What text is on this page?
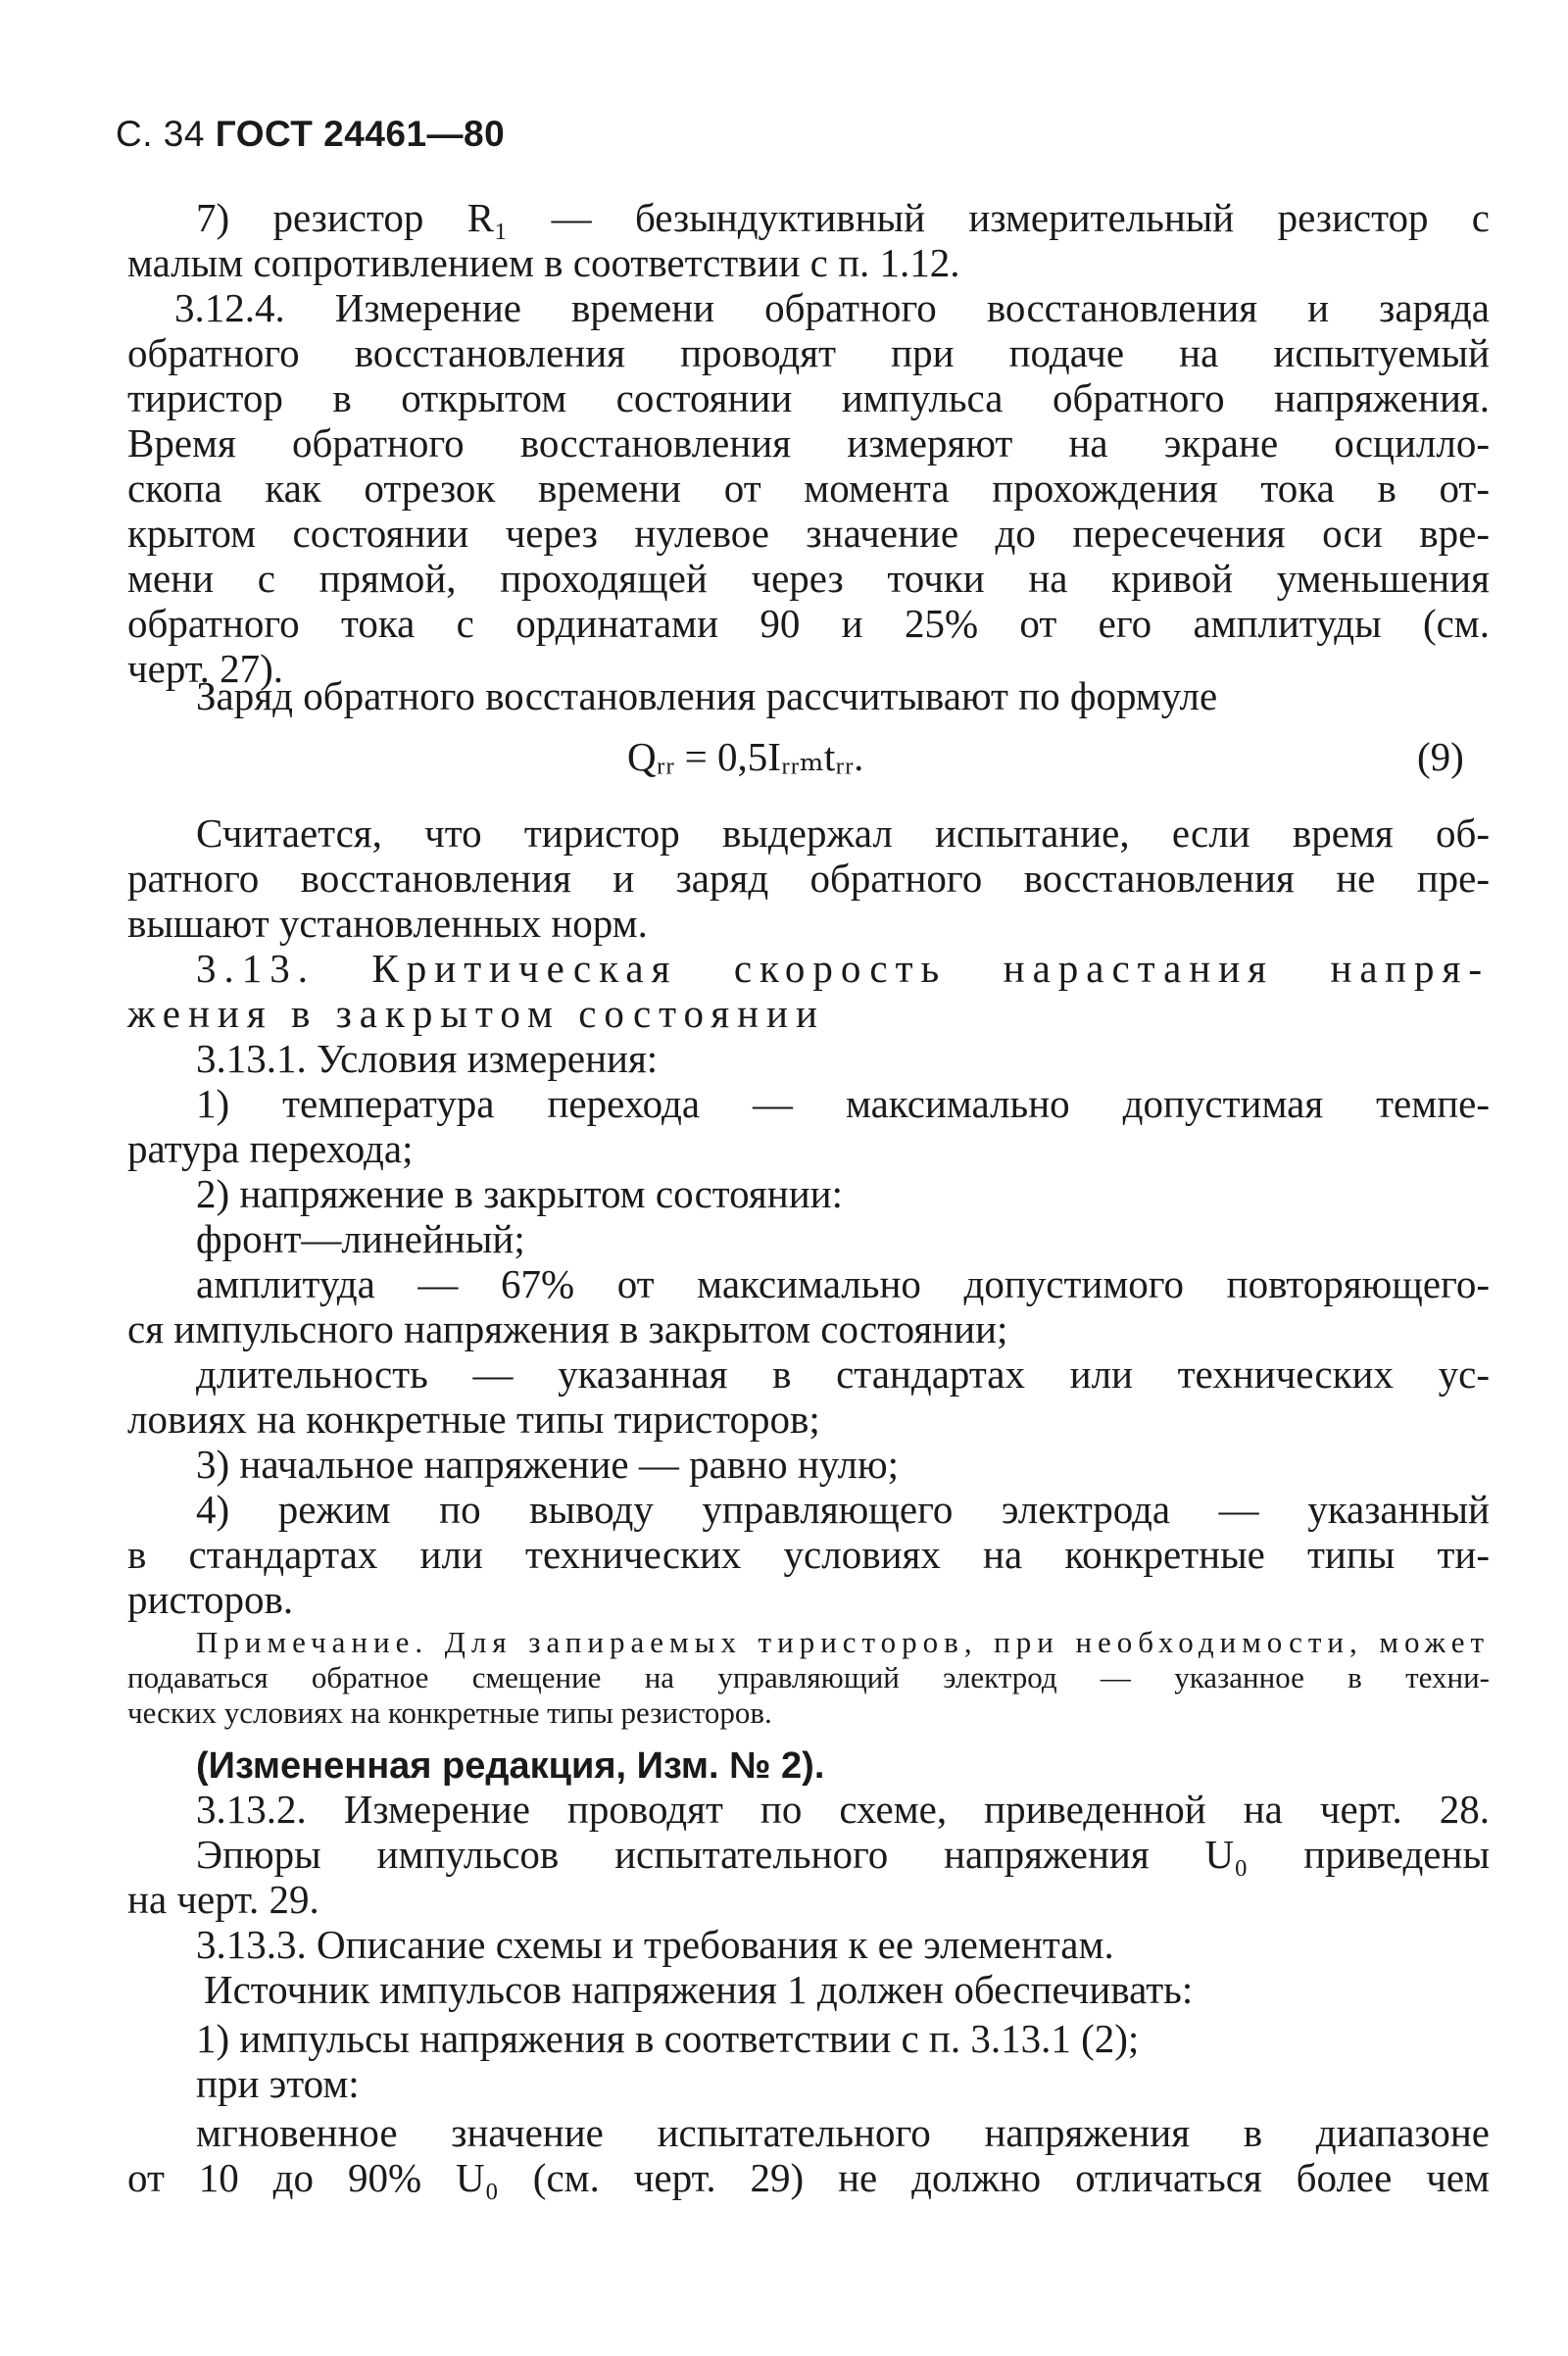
С. 34 ГОСТ 24461—80
7) резистор R₁ — безындуктивный измерительный резистор с
малым сопротивлением в соответствии с п. 1.12.
3.12.4. Измерение времени обратного восстановления и заряда
обратного восстановления проводят при подаче на испытуемый
тиристор в открытом состоянии импульса обратного напряжения.
Время обратного восстановления измеряют на экране осцилло-
скопа как отрезок времени от момента прохождения тока в от-
крытом состоянии через нулевое значение до пересечения оси вре-
мени с прямой, проходящей через точки на кривой уменьшения
обратного тока с ординатами 90 и 25% от его амплитуды (см.
черт. 27).
Заряд обратного восстановления рассчитывают по формуле
Qᵣᵣ = 0,5Iᵣᵣₘtᵣᵣ.	(9)
Считается, что тиристор выдержал испытание, если время об-
ратного восстановления и заряд обратного восстановления не пре-
вышают установленных норм.
3.13. Критическая скорость нарастания напря-
жения в закрытом состоянии
3.13.1. Условия измерения:
1) температура перехода — максимально допустимая темпе-
ратура перехода;
2) напряжение в закрытом состоянии:
фронт—линейный;
амплитуда — 67% от максимально допустимого повторяющего-
ся импульсного напряжения в закрытом состоянии;
длительность — указанная в стандартах или технических ус-
ловиях на конкретные типы тиристоров;
3) начальное напряжение — равно нулю;
4) режим по выводу управляющего электрода — указанный
в стандартах или технических условиях на конкретные типы ти-
ристоров.
Примечание. Для запираемых тиристоров, при необходимости, может
подаваться обратное смещение на управляющий электрод — указанное в техни-
ческих условиях на конкретные типы резисторов.
(Измененная редакция, Изм. № 2).
3.13.2. Измерение проводят по схеме, приведенной на черт. 28.
Эпюры импульсов испытательного напряжения U₀ приведены
на черт. 29.
3.13.3. Описание схемы и требования к ее элементам.
Источник импульсов напряжения 1 должен обеспечивать:
1) импульсы напряжения в соответствии с п. 3.13.1 (2);
при этом:
мгновенное значение испытательного напряжения в диапазоне
от 10 до 90% U₀ (см. черт. 29) не должно отличаться более чем
